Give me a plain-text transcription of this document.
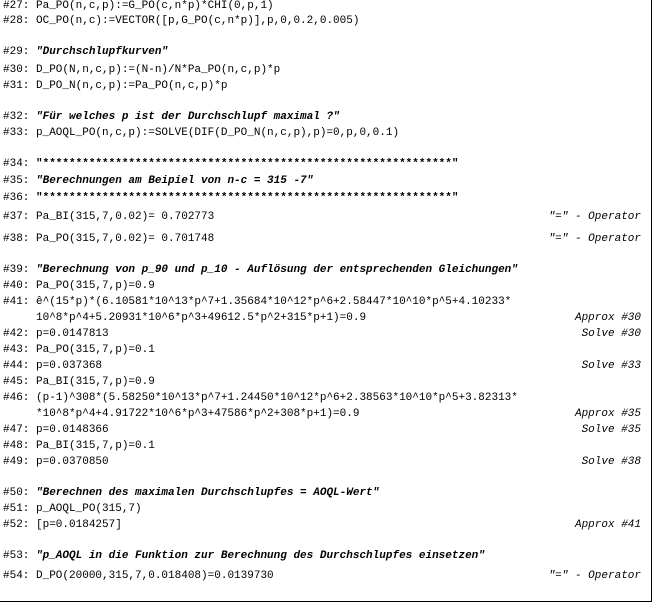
#27: Pa_PO(n,c,p):=G_PO(c,n*p)*CHI(0,p,1)
#28: OC_PO(n,c):=VECTOR([p,G_PO(c,n*p)],p,0,0.2,0.005)
#29: "Durchschlupfkurven"
#30: D_PO(N,n,c,p):=(N-n)/N*Pa_PO(n,c,p)*p
#31: D_PO_N(n,c,p):=Pa_PO(n,c,p)*p
#32: "Für welches p ist der Durchschlupf maximal ?"
#33: p_AOQL_PO(n,c,p):=SOLVE(DIF(D_PO_N(n,c,p),p)=0,p,0,0.1)
#34: "**************************************************************"
#35: "Berechnungen am Beipiel von n-c = 315 -7"
#36: "**************************************************************"
#37: Pa_BI(315,7,0.02)= 0.702773	"=" - Operator
#38: Pa_PO(315,7,0.02)= 0.701748	"=" - Operator
#39: "Berechnung von p_90 und p_10 - Auflösung der entsprechenden Gleichungen"
#40: Pa_PO(315,7,p)=0.9
#41: ê^(15*p)*(6.10581*10^13*p^7+1.35684*10^12*p^6+2.58447*10^10*p^5+4.10233*
10^8*p^4+5.20931*10^6*p^3+49612.5*p^2+315*p+1)=0.9	Approx #30
#42: p=0.0147813	Solve #30
#43: Pa_PO(315,7,p)=0.1
#44: p=0.037368	Solve #33
#45: Pa_BI(315,7,p)=0.9
#46: (p-1)^308*(5.58250*10^13*p^7+1.24450*10^12*p^6+2.38563*10^10*p^5+3.82313*
*10^8*p^4+4.91722*10^6*p^3+47586*p^2+308*p+1)=0.9	Approx #35
#47: p=0.0148366	Solve #35
#48: Pa_BI(315,7,p)=0.1
#49: p=0.0370850	Solve #38
#50: "Berechnen des maximalen Durchschlupfes = AOQL-Wert"
#51: p_AOQL_PO(315,7)
#52: [p=0.0184257]	Approx #41
#53: "p_AOQL in die Funktion zur Berechnung des Durchschlupfes einsetzen"
#54: D_PO(20000,315,7,0.018408)=0.0139730	"=" - Operator
